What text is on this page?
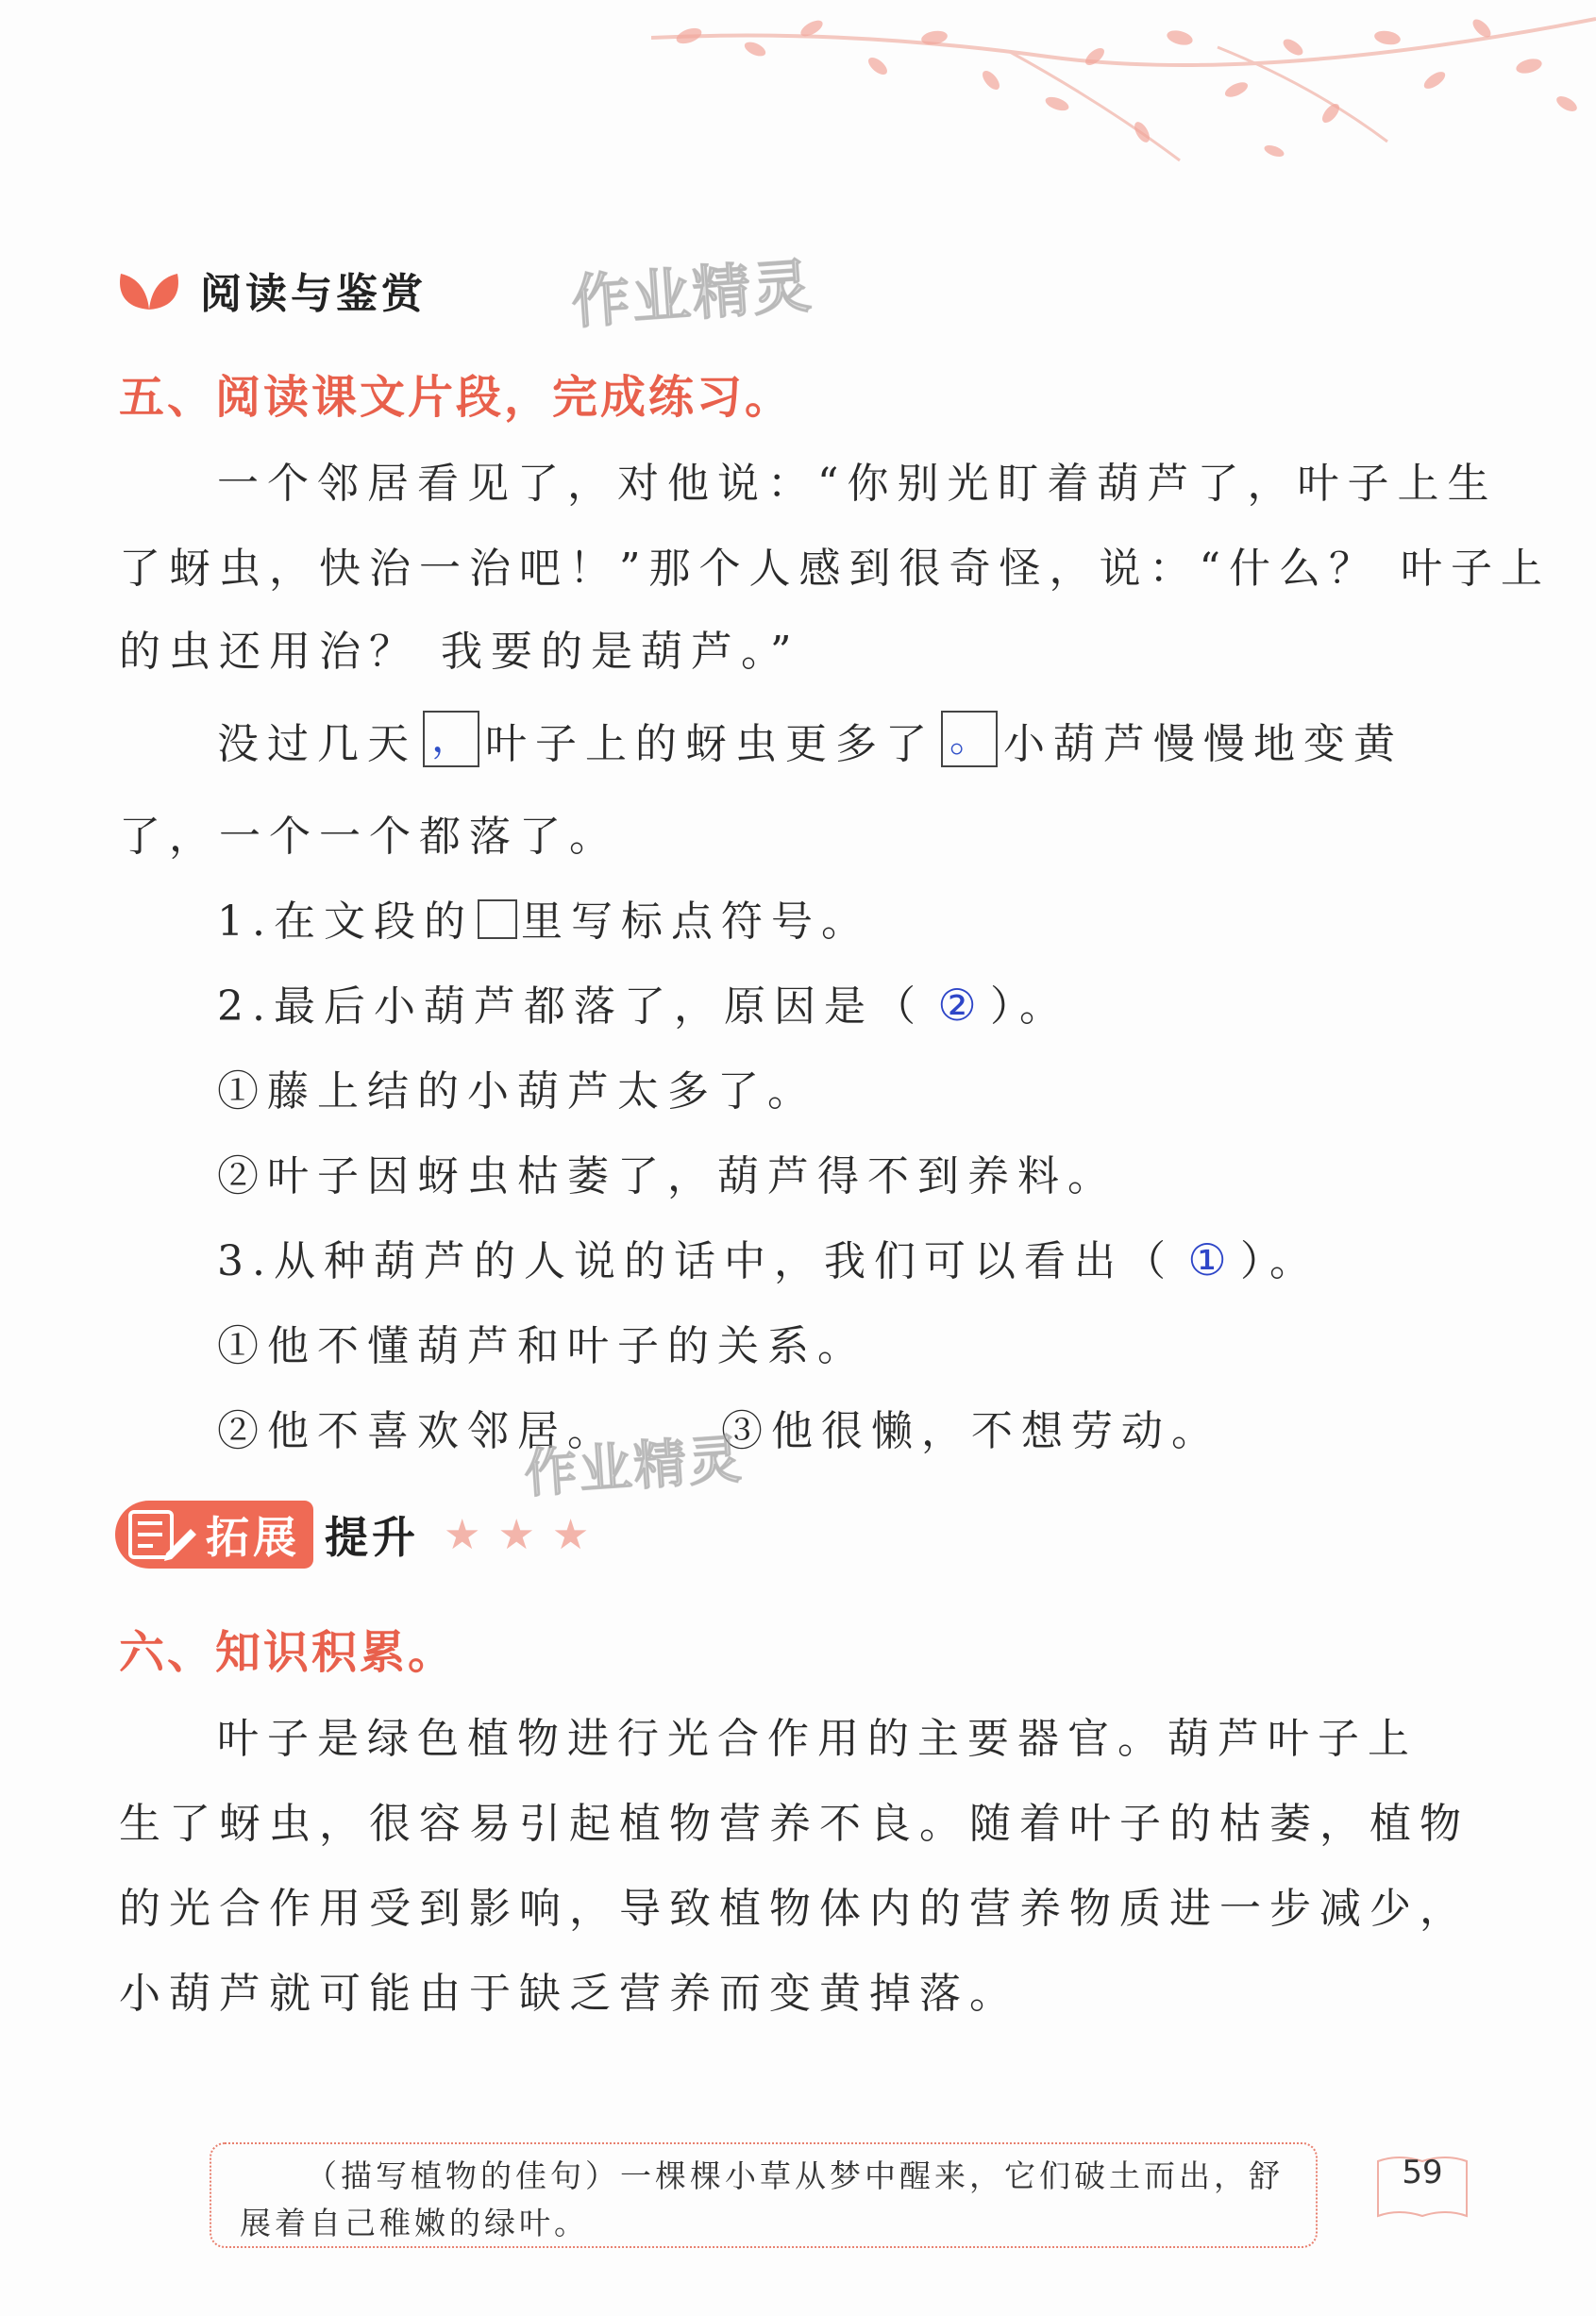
阅读与鉴赏 作业精灵
五、阅读课文片段，完成练习。
一个邻居看见了，对他说：“你别光盯着葫芦了，叶子上生
了蚜虫，快治一治吧！”那个人感到很奇怪，说：“什么？ 叶子上
的虫还用治？ 我要的是葫芦。”
没过几天 ， 叶子上的蚜虫更多了 。 小葫芦慢慢地变黄
了，一个一个都落了。
1.在文段的 里写标点符号。
2.最后小葫芦都落了，原因是（ ② ）。
①藤上结的小葫芦太多了。
②叶子因蚜虫枯萎了，葫芦得不到养料。
3.从种葫芦的人说的话中，我们可以看出（ ① ）。
①他不懂葫芦和叶子的关系。
②他不喜欢邻居。	③他很懒，不想劳动。
作业精灵
拓展 提升 ★★★
六、知识积累。
叶子是绿色植物进行光合作用的主要器官。葫芦叶子上
生了蚜虫，很容易引起植物营养不良。随着叶子的枯萎，植物
的光合作用受到影响，导致植物体内的营养物质进一步减少，
小葫芦就可能由于缺乏营养而变黄掉落。
（描写植物的佳句）一棵棵小草从梦中醒来，它们破土而出，舒
展着自己稚嫩的绿叶。
59
